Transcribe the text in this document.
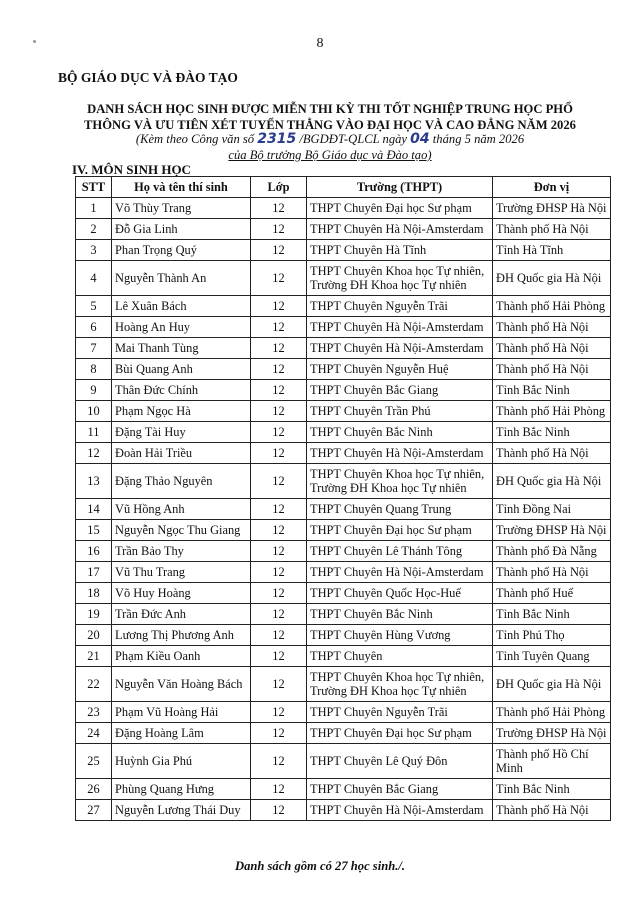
8
BỘ GIÁO DỤC VÀ ĐÀO TẠO
DANH SÁCH HỌC SINH ĐƯỢC MIỄN THI KỲ THI TỐT NGHIỆP TRUNG HỌC PHỔ
THÔNG VÀ ƯU TIÊN XÉT TUYỂN THẲNG VÀO ĐẠI HỌC VÀ CAO ĐẲNG NĂM 2026
(Kèm theo Công văn số 2315 /BGDĐT-QLCL ngày 04 tháng 5 năm 2026
của Bộ trưởng Bộ Giáo dục và Đào tạo)
IV. MÔN SINH HỌC
STT	Họ và tên thí sinh	Lớp	Trường (THPT)	Đơn vị
1	Võ Thùy Trang	12	THPT Chuyên Đại học Sư phạm	Trường ĐHSP Hà Nội
2	Đỗ Gia Linh	12	THPT Chuyên Hà Nội-Amsterdam	Thành phố Hà Nội
3	Phan Trọng Quý	12	THPT Chuyên Hà Tĩnh	Tỉnh Hà Tĩnh
4	Nguyễn Thành An	12	THPT Chuyên Khoa học Tự nhiên, Trường ĐH Khoa học Tự nhiên	ĐH Quốc gia Hà Nội
5	Lê Xuân Bách	12	THPT Chuyên Nguyễn Trãi	Thành phố Hải Phòng
6	Hoàng An Huy	12	THPT Chuyên Hà Nội-Amsterdam	Thành phố Hà Nội
7	Mai Thanh Tùng	12	THPT Chuyên Hà Nội-Amsterdam	Thành phố Hà Nội
8	Bùi Quang Anh	12	THPT Chuyên Nguyễn Huệ	Thành phố Hà Nội
9	Thân Đức Chính	12	THPT Chuyên Bắc Giang	Tỉnh Bắc Ninh
10	Phạm Ngọc Hà	12	THPT Chuyên Trần Phú	Thành phố Hải Phòng
11	Đặng Tài Huy	12	THPT Chuyên Bắc Ninh	Tỉnh Bắc Ninh
12	Đoàn Hải Triều	12	THPT Chuyên Hà Nội-Amsterdam	Thành phố Hà Nội
13	Đặng Thảo Nguyên	12	THPT Chuyên Khoa học Tự nhiên, Trường ĐH Khoa học Tự nhiên	ĐH Quốc gia Hà Nội
14	Vũ Hồng Anh	12	THPT Chuyên Quang Trung	Tỉnh Đồng Nai
15	Nguyễn Ngọc Thu Giang	12	THPT Chuyên Đại học Sư phạm	Trường ĐHSP Hà Nội
16	Trần Bảo Thy	12	THPT Chuyên Lê Thánh Tông	Thành phố Đà Nẵng
17	Vũ Thu Trang	12	THPT Chuyên Hà Nội-Amsterdam	Thành phố Hà Nội
18	Võ Huy Hoàng	12	THPT Chuyên Quốc Học-Huế	Thành phố Huế
19	Trần Đức Anh	12	THPT Chuyên Bắc Ninh	Tỉnh Bắc Ninh
20	Lương Thị Phương Anh	12	THPT Chuyên Hùng Vương	Tỉnh Phú Thọ
21	Phạm Kiều Oanh	12	THPT Chuyên	Tỉnh Tuyên Quang
22	Nguyễn Văn Hoàng Bách	12	THPT Chuyên Khoa học Tự nhiên, Trường ĐH Khoa học Tự nhiên	ĐH Quốc gia Hà Nội
23	Phạm Vũ Hoàng Hải	12	THPT Chuyên Nguyễn Trãi	Thành phố Hải Phòng
24	Đặng Hoàng Lâm	12	THPT Chuyên Đại học Sư phạm	Trường ĐHSP Hà Nội
25	Huỳnh Gia Phú	12	THPT Chuyên Lê Quý Đôn	Thành phố Hồ Chí Minh
26	Phùng Quang Hưng	12	THPT Chuyên Bắc Giang	Tỉnh Bắc Ninh
27	Nguyễn Lương Thái Duy	12	THPT Chuyên Hà Nội-Amsterdam	Thành phố Hà Nội
Danh sách gồm có 27 học sinh./.
